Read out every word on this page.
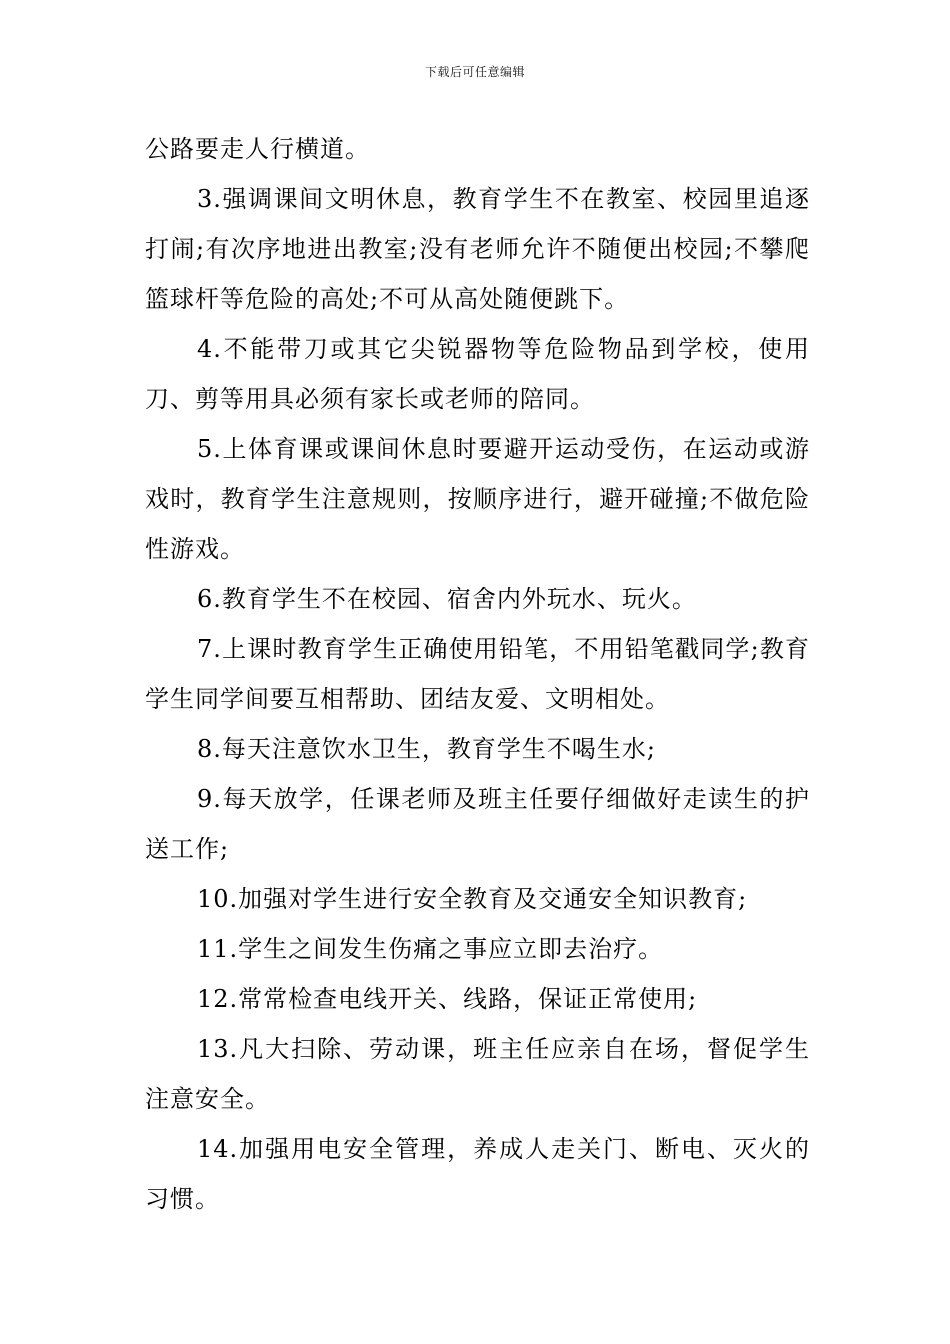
下载后可任意编辑

公路要走人行横道。

3.强调课间文明休息，教育学生不在教室、校园里追逐打闹;有次序地进出教室;没有老师允许不随便出校园;不攀爬篮球杆等危险的高处;不可从高处随便跳下。

4.不能带刀或其它尖锐器物等危险物品到学校，使用刀、剪等用具必须有家长或老师的陪同。

5.上体育课或课间休息时要避开运动受伤，在运动或游戏时，教育学生注意规则，按顺序进行，避开碰撞;不做危险性游戏。

6.教育学生不在校园、宿舍内外玩水、玩火。

7.上课时教育学生正确使用铅笔，不用铅笔戳同学;教育学生同学间要互相帮助、团结友爱、文明相处。

8.每天注意饮水卫生，教育学生不喝生水;

9.每天放学，任课老师及班主任要仔细做好走读生的护送工作;

10.加强对学生进行安全教育及交通安全知识教育;

11.学生之间发生伤痛之事应立即去治疗。

12.常常检查电线开关、线路，保证正常使用;

13.凡大扫除、劳动课，班主任应亲自在场，督促学生注意安全。

14.加强用电安全管理，养成人走关门、断电、灭火的习惯。
